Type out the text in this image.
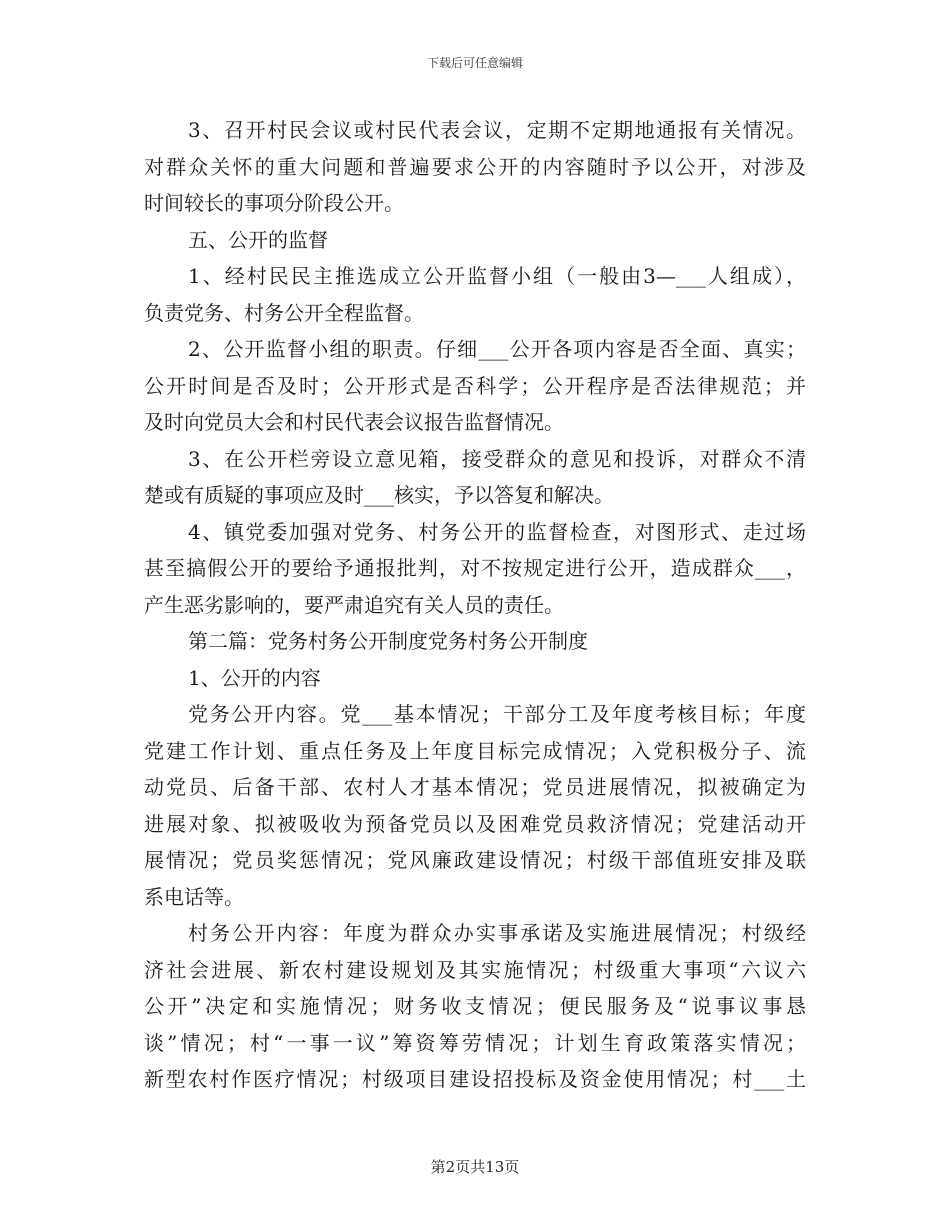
下载后可任意编辑
3、召开村民会议或村民代表会议，定期不定期地通报有关情况。
对群众关怀的重大问题和普遍要求公开的内容随时予以公开，对涉及
时间较长的事项分阶段公开。
五、公开的监督
1、经村民民主推选成立公开监督小组（一般由3—___人组成），
负责党务、村务公开全程监督。
2、公开监督小组的职责。仔细___公开各项内容是否全面、真实；
公开时间是否及时；公开形式是否科学；公开程序是否法律规范；并
及时向党员大会和村民代表会议报告监督情况。
3、在公开栏旁设立意见箱，接受群众的意见和投诉，对群众不清
楚或有质疑的事项应及时___核实，予以答复和解决。
4、镇党委加强对党务、村务公开的监督检查，对图形式、走过场
甚至搞假公开的要给予通报批判，对不按规定进行公开，造成群众___，
产生恶劣影响的，要严肃追究有关人员的责任。
第二篇：党务村务公开制度党务村务公开制度
1、公开的内容
党务公开内容。党___基本情况；干部分工及年度考核目标；年度
党建工作计划、重点任务及上年度目标完成情况；入党积极分子、流
动党员、后备干部、农村人才基本情况；党员进展情况，拟被确定为
进展对象、拟被吸收为预备党员以及困难党员救济情况；党建活动开
展情况；党员奖惩情况；党风廉政建设情况；村级干部值班安排及联
系电话等。
村务公开内容：年度为群众办实事承诺及实施进展情况；村级经
济社会进展、新农村建设规划及其实施情况；村级重大事项“六议六
公开”决定和实施情况；财务收支情况；便民服务及“说事议事恳
谈”情况；村“一事一议”筹资筹劳情况；计划生育政策落实情况；
新型农村作医疗情况；村级项目建设招投标及资金使用情况；村___土
第2页共13页
